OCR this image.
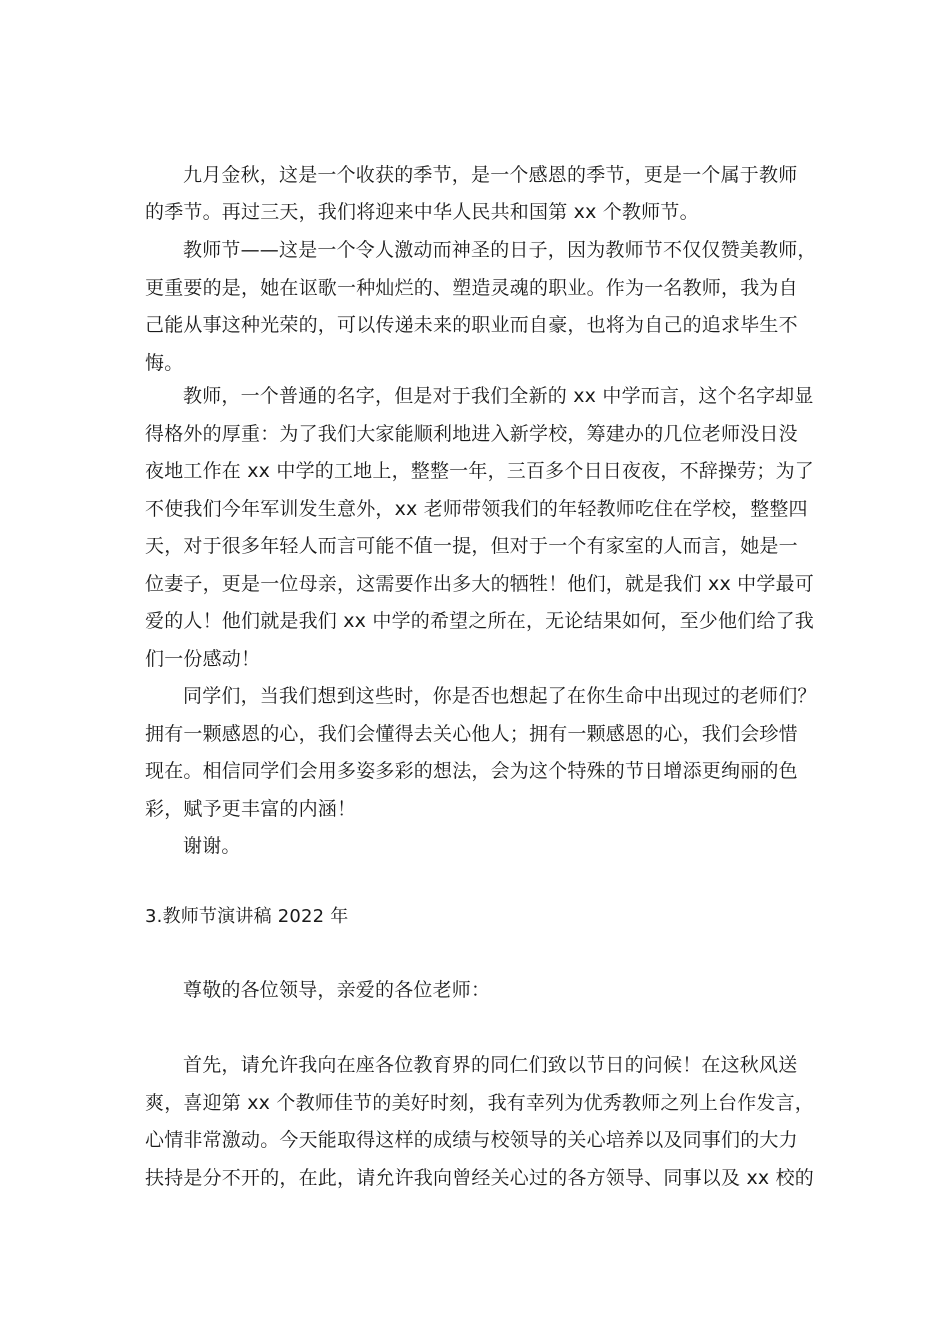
九月金秋，这是一个收获的季节，是一个感恩的季节，更是一个属于教师
的季节。再过三天，我们将迎来中华人民共和国第 xx 个教师节。
教师节——这是一个令人激动而神圣的日子，因为教师节不仅仅赞美教师，
更重要的是，她在讴歌一种灿烂的、塑造灵魂的职业。作为一名教师，我为自
己能从事这种光荣的，可以传递未来的职业而自豪，也将为自己的追求毕生不
悔。
教师，一个普通的名字，但是对于我们全新的 xx 中学而言，这个名字却显
得格外的厚重：为了我们大家能顺利地进入新学校，筹建办的几位老师没日没
夜地工作在 xx 中学的工地上，整整一年，三百多个日日夜夜，不辞操劳；为了
不使我们今年军训发生意外，xx 老师带领我们的年轻教师吃住在学校，整整四
天，对于很多年轻人而言可能不值一提，但对于一个有家室的人而言，她是一
位妻子，更是一位母亲，这需要作出多大的牺牲！他们，就是我们 xx 中学最可
爱的人！他们就是我们 xx 中学的希望之所在，无论结果如何，至少他们给了我
们一份感动！
同学们，当我们想到这些时，你是否也想起了在你生命中出现过的老师们？
拥有一颗感恩的心，我们会懂得去关心他人；拥有一颗感恩的心，我们会珍惜
现在。相信同学们会用多姿多彩的想法，会为这个特殊的节日增添更绚丽的色
彩，赋予更丰富的内涵！
谢谢。
3.教师节演讲稿 2022 年
尊敬的各位领导，亲爱的各位老师：
首先，请允许我向在座各位教育界的同仁们致以节日的问候！在这秋风送
爽，喜迎第 xx 个教师佳节的美好时刻，我有幸列为优秀教师之列上台作发言，
心情非常激动。今天能取得这样的成绩与校领导的关心培养以及同事们的大力
扶持是分不开的，在此，请允许我向曾经关心过的各方领导、同事以及 xx 校的
